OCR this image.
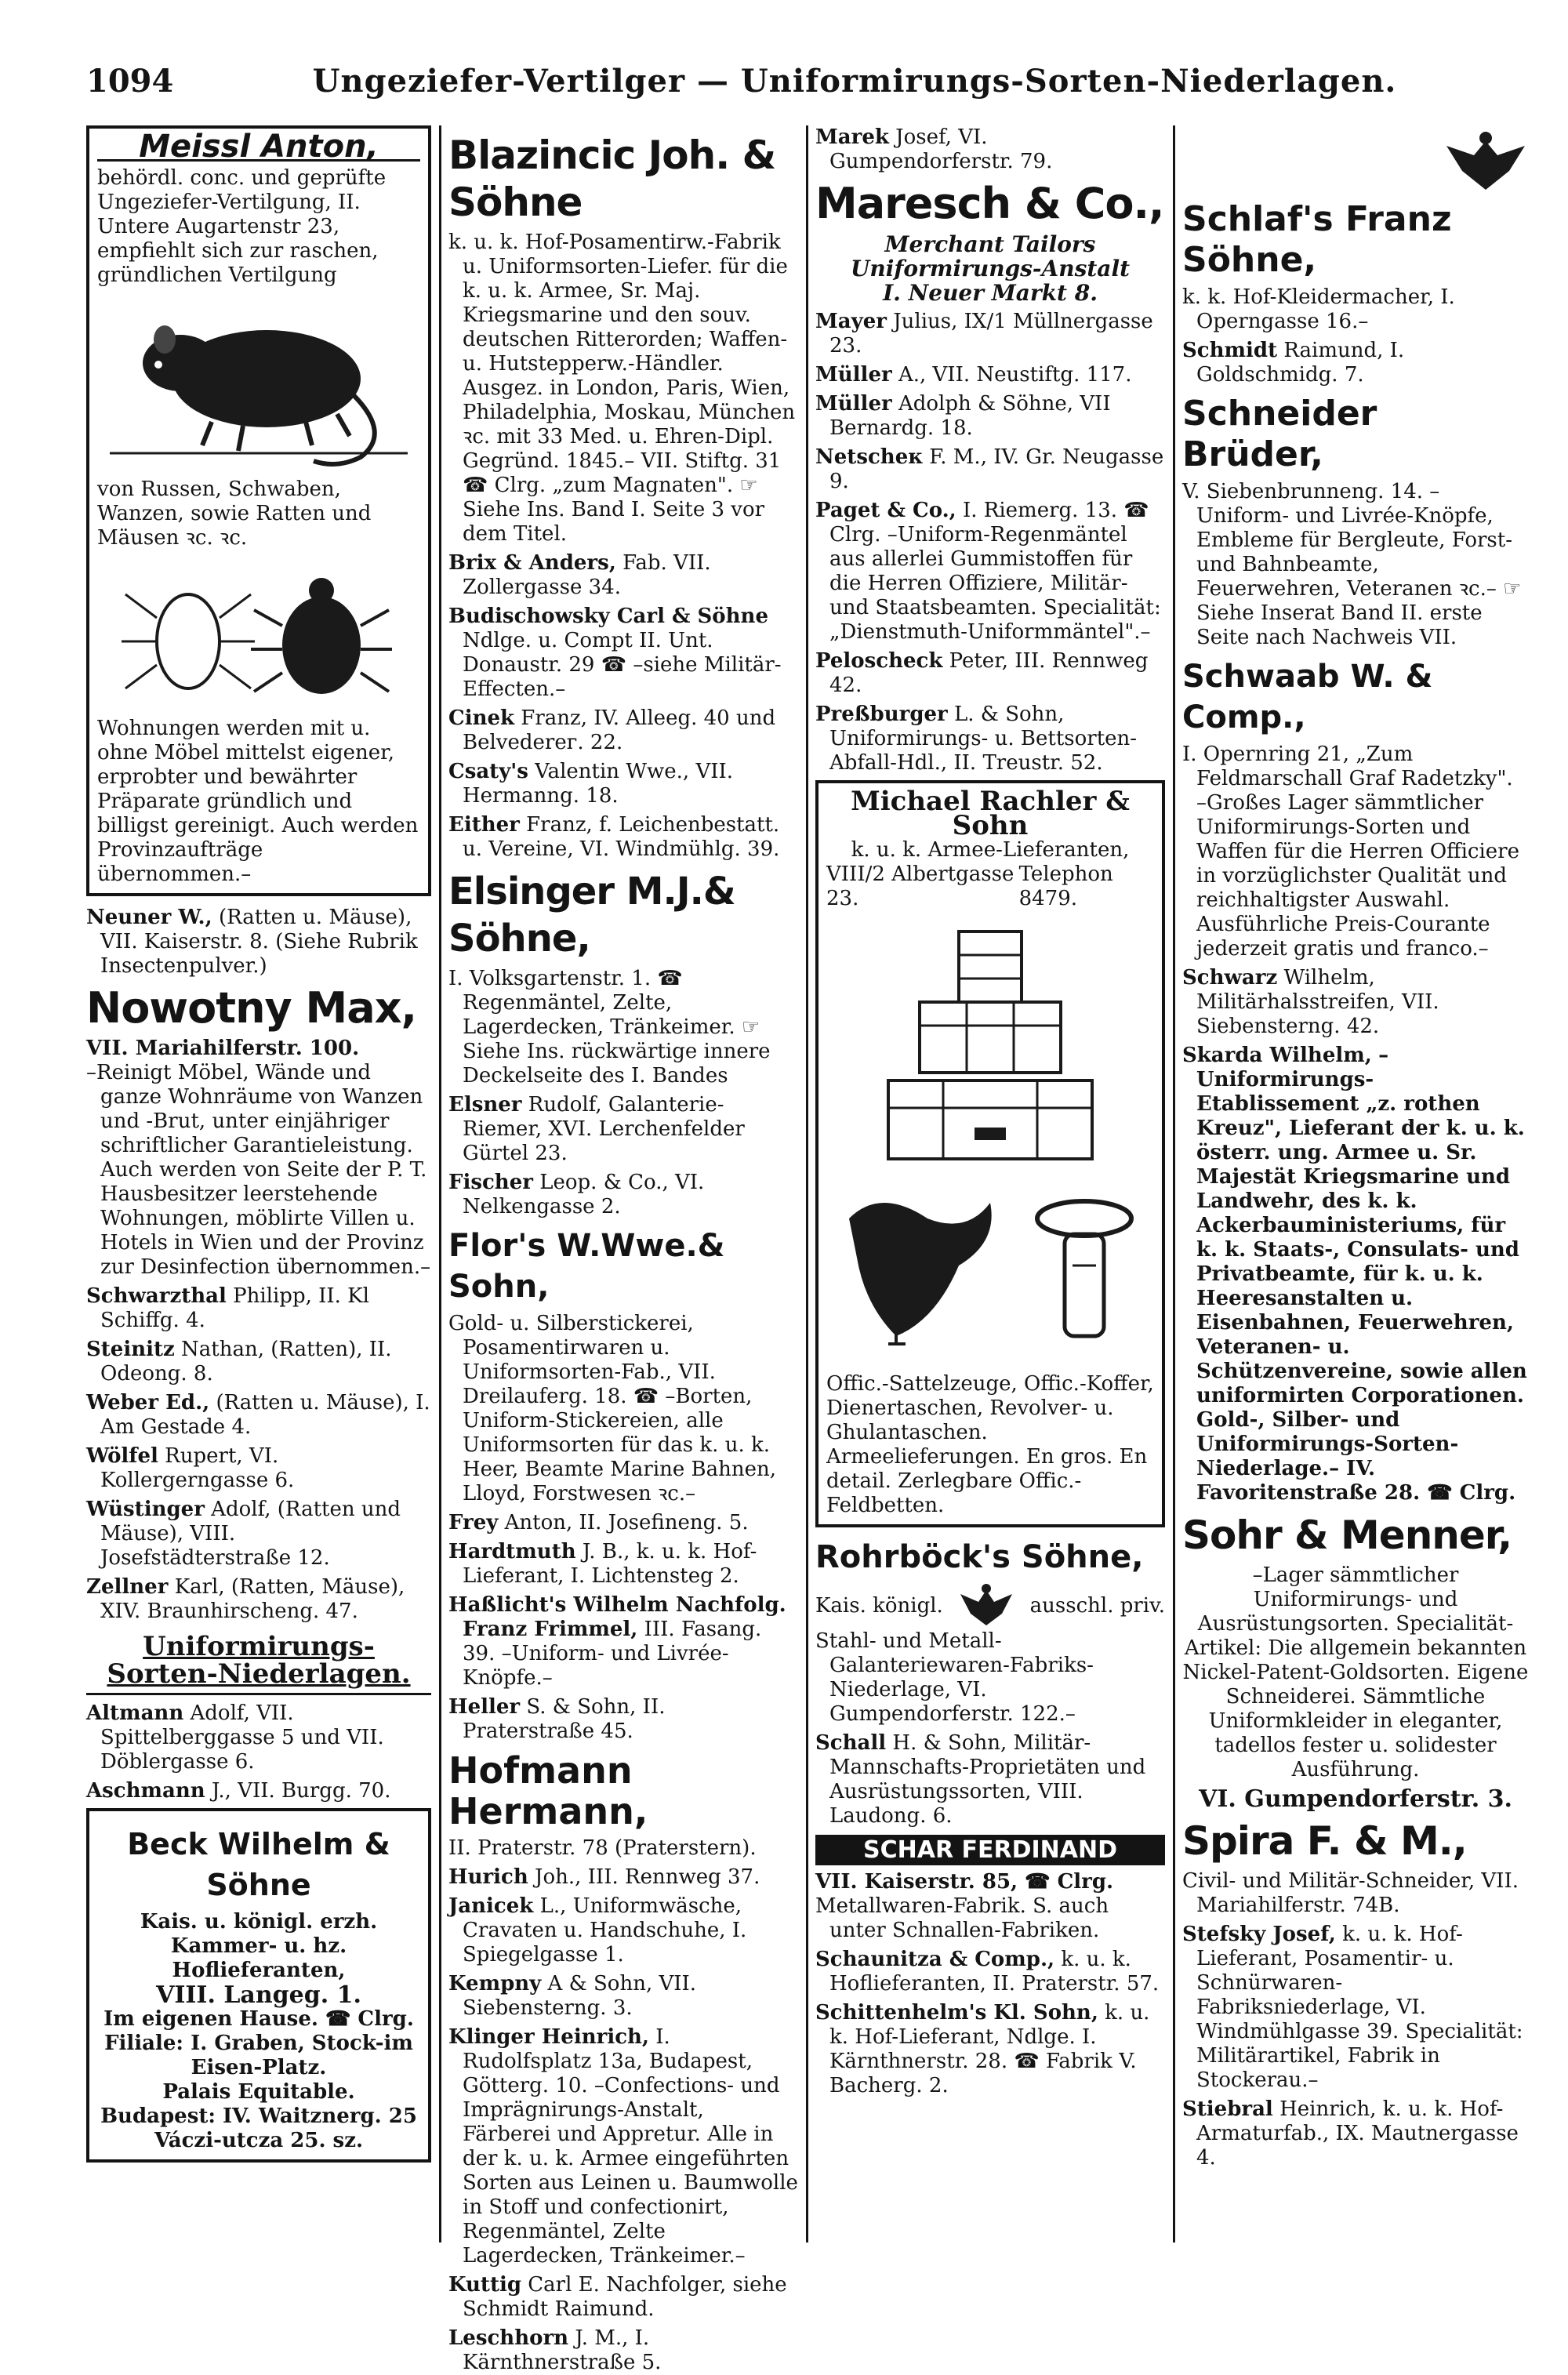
1094	Ungeziefer-Vertilger — Uniformirungs-Sorten-Niederlagen.
Meissl Anton,
behördl. conc. und geprüfte Ungeziefer-Vertilgung, II. Untere Augartenstr 23, empfiehlt sich zur raschen, gründlichen Vertilgung
von Russen, Schwaben, Wanzen, sowie Ratten und Mäusen ꝛc. ꝛc.
Wohnungen werden mit u. ohne Möbel mittelst eigener, erprobter und bewährter Präparate gründlich und billigst gereinigt. Auch werden Provinzaufträge übernommen.–

Neuner W., (Ratten u. Mäuse), VII. Kaiserstr. 8. (Siehe Rubrik Insectenpulver.)

Nowotny Max,
VII. Mariahilferstr. 100.

–Reinigt Möbel, Wände und ganze Wohnräume von Wanzen und -Brut, unter einjähriger schriftlicher Garantieleistung. Auch werden von Seite der P. T. Hausbesitzer leerstehende Wohnungen, möblirte Villen u. Hotels in Wien und der Provinz zur Desinfection übernommen.–

Schwarzthal Philipp, II. Kl Schiffg. 4.

Steinitz Nathan, (Ratten), II. Odeong. 8.

Weber Ed., (Ratten u. Mäuse), I. Am Gestade 4.

Wölfel Rupert, VI. Kollergerngasse 6.

Wüstinger Adolf, (Ratten und Mäuse), VIII. Josefstädterstraße 12.

Zellner Karl, (Ratten, Mäuse), XIV. Braunhirscheng. 47.

Uniformirungs-
Sorten-Niederlagen.

Altmann Adolf, VII. Spittelberggasse 5 und VII. Döblergasse 6.

Aschmann J., VII. Burgg. 70.

Beck Wilhelm & Söhne
Kais. u. königl. erzh. Kammer- u. hz. Hoflieferanten,
VIII. Langeg. 1.
Im eigenen Hause. ☎ Clrg.
Filiale: I. Graben, Stock-im Eisen-Platz.
Palais Equitable.
Budapest: IV. Waitznerg. 25 Váczi-utcza 25. sz.
Blazincic Joh. & Söhne

k. u. k. Hof-Posamentirw.-Fabrik u. Uniformsorten-Liefer. für die k. u. k. Armee, Sr. Maj. Kriegsmarine und den souv. deutschen Ritterorden; Waffen- u. Hutstepperw.-Händler. Ausgez. in London, Paris, Wien, Philadelphia, Moskau, München ꝛc. mit 33 Med. u. Ehren-Dipl. Gegründ. 1845.– VII. Stiftg. 31 ☎ Clrg. „zum Magnaten". ☞ Siehe Ins. Band I. Seite 3 vor dem Titel.

Brix & Anders, Fab. VII. Zollergasse 34.

Budischowsky Carl & Söhne Ndlge. u. Compt II. Unt. Donaustr. 29 ☎ –siehe Militär-Effecten.–

Cinek Franz, IV. Alleeg. 40 und Belvederег. 22.

Csaty's Valentin Wwe., VII. Hermanng. 18.

Either Franz, f. Leichenbestatt. u. Vereine, VI. Windmühlg. 39.

Elsinger M.J.& Söhne,

I. Volksgartenstr. 1. ☎ Regenmäntel, Zelte, Lagerdecken, Tränkeimer. ☞ Siehe Ins. rückwärtige innere Deckelseite des I. Bandes

Elsner Rudolf, Galanterie-Riemer, XVI. Lerchenfelder Gürtel 23.

Fischer Leop. & Co., VI. Nelkengasse 2.

Flor's W.Wwe.& Sohn,

Gold- u. Silberstickerei, Posamentirwaren u. Uniformsorten-Fab., VII. Dreilauferg. 18. ☎ –Borten, Uniform-Stickereien, alle Uniformsorten für das k. u. k. Heer, Beamte Marine Bahnen, Lloyd, Forstwesen ꝛc.–

Frey Anton, II. Josefineng. 5.

Hardtmuth J. B., k. u. k. Hof-Lieferant, I. Lichtensteg 2.

Haßlicht's Wilhelm Nachfolg. Franz Frimmel, III. Fasang. 39. –Uniform- und Livrée-Knöpfe.–

Heller S. & Sohn, II. Praterstraße 45.

Hofmann Hermann,

II. Praterstr. 78 (Praterstern).

Hurich Joh., III. Rennweg 37.

Janicek L., Uniformwäsche, Cravaten u. Handschuhe, I. Spiegelgasse 1.

Kempny A & Sohn, VII. Siebensterng. 3.

Klinger Heinrich, I. Rudolfsplatz 13a, Budapest, Götterg. 10. –Confections- und Imprägnirungs-Anstalt, Färberei und Appretur. Alle in der k. u. k. Armee eingeführten Sorten aus Leinen u. Baumwolle in Stoff und confectionirt, Regenmäntel, Zelte Lagerdecken, Tränkeimer.–

Kuttig Carl E. Nachfolger, siehe Schmidt Raimund.

Leschhorn J. M., I. Kärnthnerstraße 5.

Marek Josef, VI. Gumpendorferstr. 79.

Maresch & Co.,
Merchant Tailors
Uniformirungs-Anstalt
I. Neuer Markt 8.

Mayer Julius, IX/1 Müllnergasse 23.

Müller A., VII. Neustiftg. 117.

Müller Adolph & Söhne, VII Bernardg. 18.

Netscheк F. M., IV. Gr. Neugasse 9.

Paget & Co., I. Riemerg. 13. ☎ Clrg. –Uniform-Regenmäntel aus allerlei Gummistoffen für die Herren Offiziere, Militär- und Staatsbeamten. Specialität: „Dienstmuth-Uniformmäntel".–

Peloscheck Peter, III. Rennweg 42.

Preßburger L. & Sohn, Uniformirungs- u. Bettsorten-Abfall-Hdl., II. Treustr. 52.

Michael Rachler & Sohn
k. u. k. Armee-Lieferanten,
VIII/2 Albertgasse 23.
Telephon 8479.
Offic.-Sattelzeuge, Offic.-Koffer, Dienertaschen, Revolver- u. Ghulantaschen. Armeelieferungen. En gros. En detail. Zerlegbare Offic.-Feldbetten.
Rohrböck's Söhne,
Kais. königl.	ausschl. priv.

Stahl- und Metall-Galanteriewaren-Fabriks-Niederlage, VI. Gumpendorferstr. 122.–

Schall H. & Sohn, Militär-Mannschafts-Proprietäten und Ausrüstungssorten, VIII. Laudong. 6.

SCHAR FERDINAND
VII. Kaiserstr. 85, ☎ Clrg.

Metallwaren-Fabrik. S. auch unter Schnallen-Fabriken.

Schaunitza & Comp., k. u. k. Hoflieferanten, II. Praterstr. 57.

Schittenhelm's Kl. Sohn, k. u. k. Hof-Lieferant, Ndlge. I. Kärnthnerstr. 28. ☎ Fabrik V. Bacherg. 2.

Schlaf's Franz Söhne,

k. k. Hof-Kleidermacher, I. Operngasse 16.–

Schmidt Raimund, I. Goldschmidg. 7.

Schneider Brüder,

V. Siebenbrunneng. 14. –Uniform- und Livrée-Knöpfe, Embleme für Bergleute, Forst- und Bahnbeamte, Feuerwehren, Veteranen ꝛc.– ☞ Siehe Inserat Band II. erste Seite nach Nachweis VII.

Schwaab W. & Comp.,

I. Opernring 21, „Zum Feldmarschall Graf Radetzky". –Großes Lager sämmtlicher Uniformirungs-Sorten und Waffen für die Herren Officiere in vorzüglichster Qualität und reichhaltigster Auswahl. Ausführliche Preis-Courante jederzeit gratis und franco.–

Schwarz Wilhelm, Militärhalsstreifen, VII. Siebensterng. 42.

Skarda Wilhelm, –Uniformirungs-Etablissement „z. rothen Kreuz", Lieferant der k. u. k. österr. ung. Armee u. Sr. Majestät Kriegsmarine und Landwehr, des k. k. Ackerbauministeriums, für k. k. Staats-, Consulats- und Privatbeamte, für k. u. k. Heeresanstalten u. Eisenbahnen, Feuerwehren, Veteranen- u. Schützenvereine, sowie allen uniformirten Corporationen. Gold-, Silber- und Uniformirungs-Sorten-Niederlage.– IV. Favoritenstraße 28. ☎ Clrg.

Sohr & Menner,

–Lager sämmtlicher Uniformirungs- und Ausrüstungsorten. Specialität-Artikel: Die allgemein bekannten Nickel-Patent-Goldsorten. Eigene Schneiderei. Sämmtliche Uniformkleider in eleganter, tadellos fester u. solidester Ausführung.

VI. Gumpendorferstr. 3.
Spira F. & M.,

Civil- und Militär-Schneider, VII. Mariahilferstr. 74B.

Stefsky Josef, k. u. k. Hof-Lieferant, Posamentir- u. Schnürwaren-Fabriksniederlage, VI. Windmühlgasse 39. Specialität: Militärartikel, Fabrik in Stockerau.–

Stiebral Heinrich, k. u. k. Hof-Armaturfab., IX. Mautnergasse 4.
